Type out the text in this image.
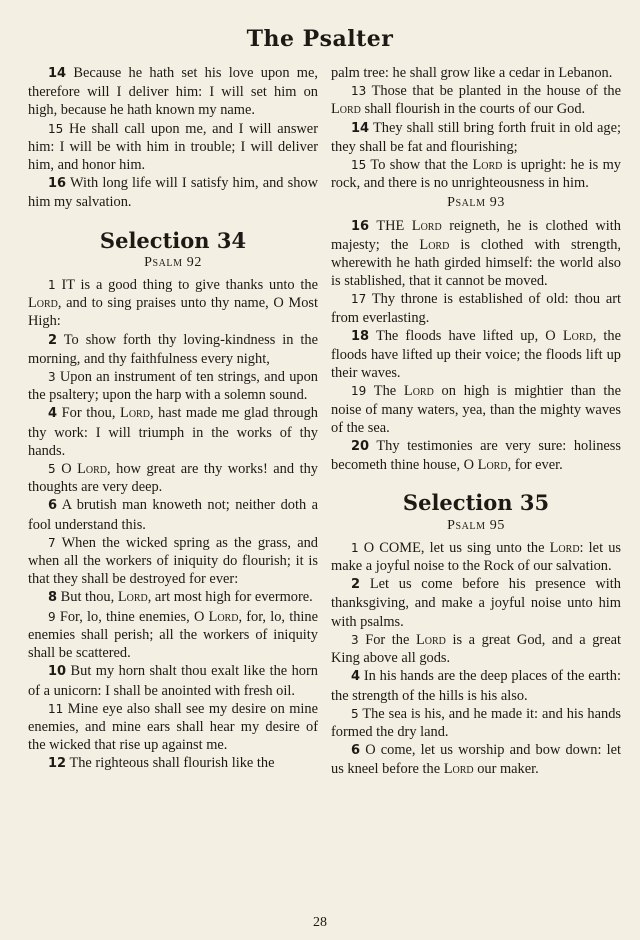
The Psalter

14 Because he hath set his love upon me, therefore will I deliver him: I will set him on high, because he hath known my name.

15 He shall call upon me, and I will answer him: I will be with him in trouble; I will deliver him, and honor him.

16 With long life will I satisfy him, and show him my salvation.

Selection 34
Psalm 92

1 IT is a good thing to give thanks unto the Lord, and to sing praises unto thy name, O Most High:

2 To show forth thy loving-kindness in the morning, and thy faithfulness every night,

3 Upon an instrument of ten strings, and upon the psaltery; upon the harp with a solemn sound.

4 For thou, Lord, hast made me glad through thy work: I will triumph in the works of thy hands.

5 O Lord, how great are thy works! and thy thoughts are very deep.

6 A brutish man knoweth not; neither doth a fool understand this.

7 When the wicked spring as the grass, and when all the workers of iniquity do flourish; it is that they shall be destroyed for ever:

8 But thou, Lord, art most high for evermore.

9 For, lo, thine enemies, O Lord, for, lo, thine enemies shall perish; all the workers of iniquity shall be scattered.

10 But my horn shalt thou exalt like the horn of a unicorn: I shall be anointed with fresh oil.

11 Mine eye also shall see my desire on mine enemies, and mine ears shall hear my desire of the wicked that rise up against me.

12 The righteous shall flourish like the

palm tree: he shall grow like a cedar in Lebanon.

13 Those that be planted in the house of the Lord shall flourish in the courts of our God.

14 They shall still bring forth fruit in old age; they shall be fat and flourishing;

15 To show that the Lord is upright: he is my rock, and there is no unrighteousness in him.

Psalm 93

16 THE Lord reigneth, he is clothed with majesty; the Lord is clothed with strength, wherewith he hath girded himself: the world also is stablished, that it cannot be moved.

17 Thy throne is established of old: thou art from everlasting.

18 The floods have lifted up, O Lord, the floods have lifted up their voice; the floods lift up their waves.

19 The Lord on high is mightier than the noise of many waters, yea, than the mighty waves of the sea.

20 Thy testimonies are very sure: holiness becometh thine house, O Lord, for ever.

Selection 35
Psalm 95

1 O COME, let us sing unto the Lord: let us make a joyful noise to the Rock of our salvation.

2 Let us come before his presence with thanksgiving, and make a joyful noise unto him with psalms.

3 For the Lord is a great God, and a great King above all gods.

4 In his hands are the deep places of the earth: the strength of the hills is his also.

5 The sea is his, and he made it: and his hands formed the dry land.

6 O come, let us worship and bow down: let us kneel before the Lord our maker.

28
